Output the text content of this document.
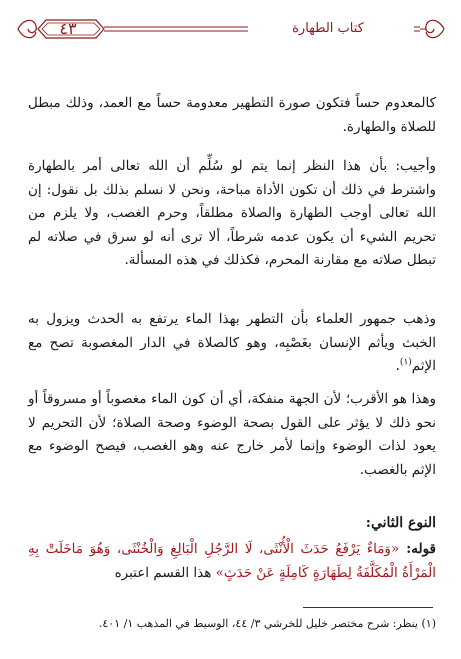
٤٣	كتاب الطهارة
كالمعدوم حساً فتكون صورة التطهير معدومة حساً مع العمد، وذلك مبطل للصلاة والطهارة.
وأجيب: بأن هذا النظر إنما يتم لو سُلِّم أن الله تعالى أمر بالطهارة واشترط في ذلك أن تكون الأداة مباحة، ونحن لا نسلم بذلك بل نقول: إن الله تعالى أوجب الطهارة والصلاة مطلقاً، وحرم الغصب، ولا يلزم من تحريم الشيء أن يكون عدمه شرطاً، ألا ترى أنه لو سرق في صلاته لم تبطل صلاته مع مقارنة المحرم، فكذلك في هذه المسألة.
وذهب جمهور العلماء بأن التطهر بهذا الماء يرتفع به الحدث ويزول به الخبث ويأثم الإنسان بغَصْبِه، وهو كالصلاة في الدار المغصوبة تصح مع الإثم$^{(١)}$.
وهذا هو الأقرب؛ لأن الجهة منفكة، أي أن كون الماء مغصوباً أو مسروقاً أو نحو ذلك لا يؤثر على القول بصحة الوضوء وصحة الصلاة؛ لأن التحريم لا يعود لذات الوضوء وإنما لأمر خارج عنه وهو الغصب، فيصح الوضوء مع الإثم بالغصب.
النوع الثاني:
قوله: «وَمَاءٌ يَرْفَعُ حَدَثَ الْأُنْثَى، لَا الرَّجُلِ الْبَالِغِ وَالْخُنْثَى، وَهُوَ مَاخَلَتْ بِهِ الْمَرْأَةُ الْمُكَلَّفَةُ لِطَهَارَةٍ كَامِلَةٍ عَنْ حَدَثٍ» هذا القسم اعتبره
(١) ينظر: شرح مختصر خليل للخرشي ٣/ ٤٤، الوسيط في المذهب ١/ ٤٠١.
